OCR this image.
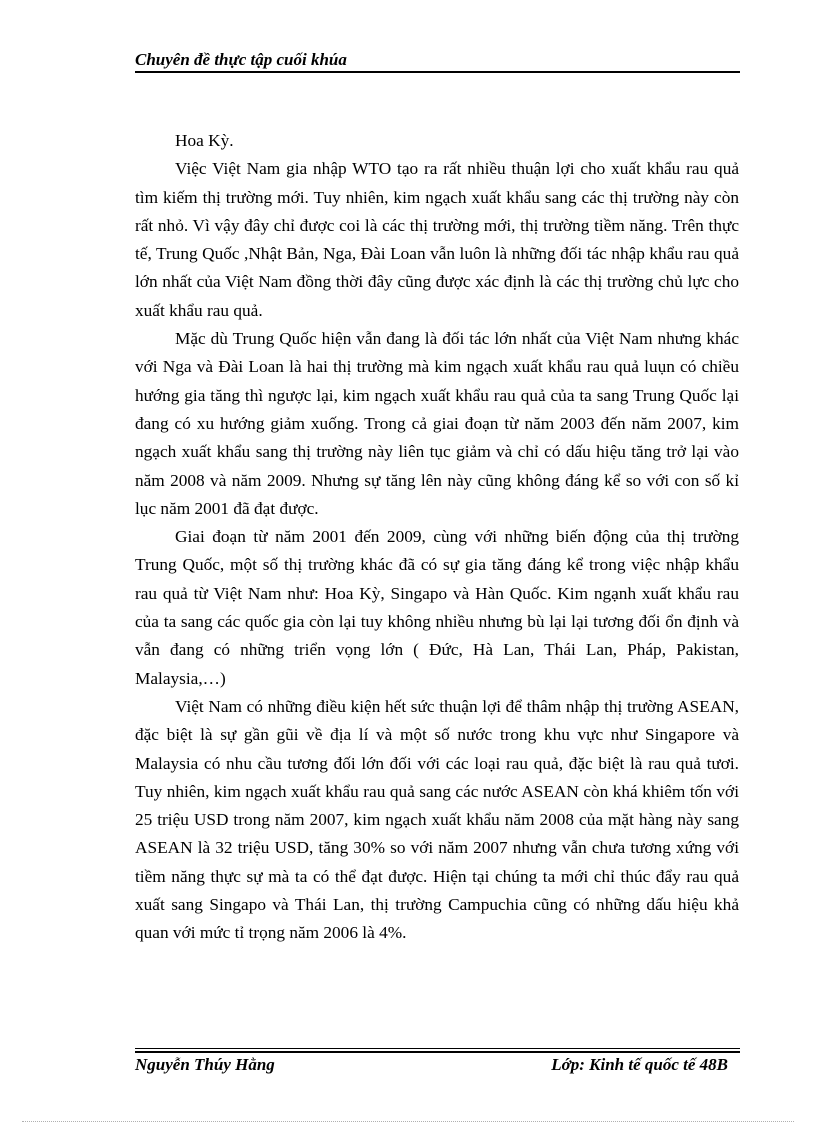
Chuyên đề thực tập cuối khúa

Hoa Kỳ.

Việc Việt Nam gia nhập WTO tạo ra rất nhiều thuận lợi cho xuất khẩu rau quả tìm kiếm thị trường mới. Tuy nhiên, kim ngạch xuất khẩu sang các thị trường này còn rất nhỏ. Vì vậy đây chỉ được coi là các thị trường mới, thị trường tiềm năng. Trên thực tế, Trung Quốc ,Nhật Bản, Nga, Đài Loan vẫn luôn là những đối tác nhập khẩu rau quả lớn nhất của Việt Nam đồng thời đây cũng được xác định là các thị trường chủ lực cho xuất khẩu rau quả.

Mặc dù Trung Quốc hiện vẫn đang là đối tác lớn nhất của Việt Nam nhưng khác với Nga và Đài Loan là hai thị trường mà kim ngạch xuất khẩu rau quả luụn có chiều hướng gia tăng thì ngược lại, kim ngạch xuất khẩu rau quả của ta sang Trung Quốc lại đang có xu hướng giảm xuống. Trong cả giai đoạn từ năm 2003 đến năm 2007, kim ngạch xuất khẩu sang thị trường này liên tục giảm và chỉ có dấu hiệu tăng trở lại vào năm 2008 và năm 2009. Nhưng sự tăng lên này cũng không đáng kể so với con số kỉ lục năm 2001 đã đạt được.

Giai đoạn từ năm 2001 đến 2009, cùng với những biến động của thị trường Trung Quốc, một số thị trường khác đã có sự gia tăng đáng kể trong việc nhập khẩu rau quả từ Việt Nam như: Hoa Kỳ, Singapo và Hàn Quốc. Kim ngạnh xuất khẩu rau của ta sang các quốc gia còn lại tuy không nhiều nhưng bù lại lại tương đối ổn định và vẫn đang có những triển vọng lớn ( Đức, Hà Lan, Thái Lan, Pháp, Pakistan, Malaysia,…)

Việt Nam có những điều kiện hết sức thuận lợi để thâm nhập thị trường ASEAN, đặc biệt là sự gần gũi về địa lí và một số nước trong khu vực như Singapore và Malaysia có nhu cầu tương đối lớn đối với các loại rau quả, đặc biệt là rau quả tươi. Tuy nhiên, kim ngạch xuất khẩu rau quả sang các nước ASEAN còn khá khiêm tốn với 25 triệu USD trong năm 2007, kim ngạch xuất khẩu năm 2008 của mặt hàng này sang ASEAN là 32 triệu USD, tăng 30% so với năm 2007 nhưng vẫn chưa tương xứng với tiềm năng thực sự mà ta có thể đạt được. Hiện tại chúng ta mới chỉ thúc đẩy rau quả xuất sang Singapo và Thái Lan, thị trường Campuchia cũng có những dấu hiệu khả quan với mức tỉ trọng năm 2006 là 4%.

Nguyễn Thúy Hằng	Lớp: Kinh tế quốc tế 48B
